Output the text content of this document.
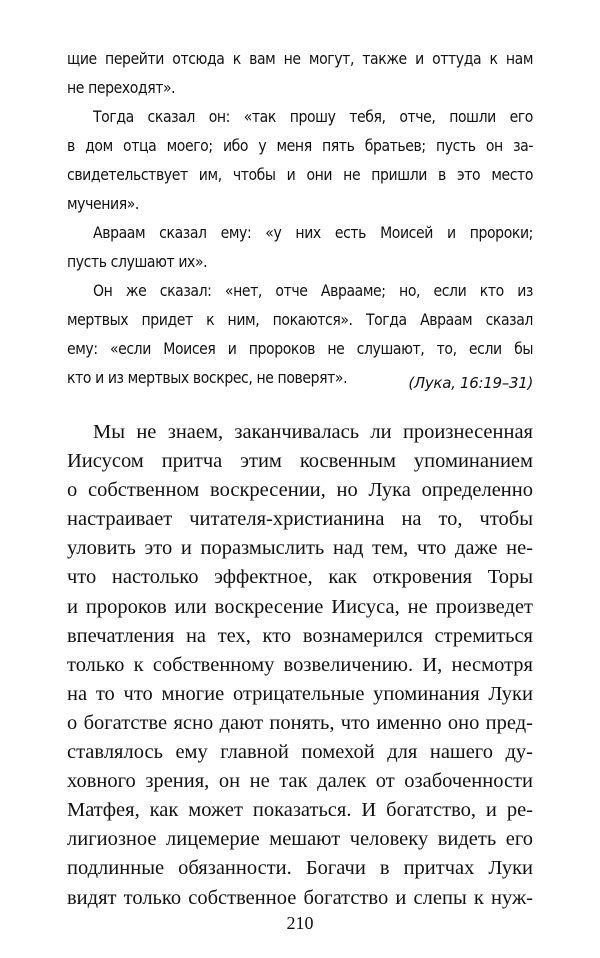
щие перейти отсюда к вам не могут, также и оттуда к нам
не переходят».

Тогда сказал он: «так прошу тебя, отче, пошли его
в дом отца моего; ибо у меня пять братьев; пусть он за-
свидетельствует им, чтобы и они не пришли в это место
мучения».

Авраам сказал ему: «у них есть Моисей и пророки;
пусть слушают их».

Он же сказал: «нет, отче Аврааме; но, если кто из
мертвых придет к ним, покаются». Тогда Авраам сказал
ему: «если Моисея и пророков не слушают, то, если бы
кто и из мертвых воскрес, не поверят».	(Лука, 16:19–31)
Мы не знаем, заканчивалась ли произнесенная
Иисусом притча этим косвенным упоминанием
о собственном воскресении, но Лука определенно
настраивает читателя-христианина на то, чтобы
уловить это и поразмыслить над тем, что даже не-
что настолько эффектное, как откровения Торы
и пророков или воскресение Иисуса, не произведет
впечатления на тех, кто вознамерился стремиться
только к собственному возвеличению. И, несмотря
на то что многие отрицательные упоминания Луки
о богатстве ясно дают понять, что именно оно пред-
ставлялось ему главной помехой для нашего ду-
ховного зрения, он не так далек от озабоченности
Матфея, как может показаться. И богатство, и ре-
лигиозное лицемерие мешают человеку видеть его
подлинные обязанности. Богачи в притчах Луки
видят только собственное богатство и слепы к нуж-
210
